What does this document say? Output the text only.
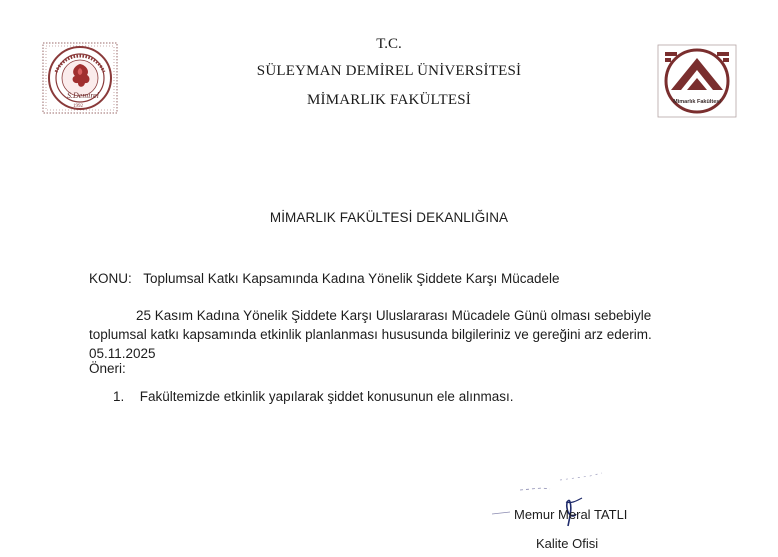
S.Demirel
1992
T.C.
SÜLEYMAN DEMİREL ÜNİVERSİTESİ
MİMARLIK FAKÜLTESİ	Mimarlık Fakültesi
MİMARLIK FAKÜLTESİ DEKANLIĞINA
KONU: Toplumsal Katkı Kapsamında Kadına Yönelik Şiddete Karşı Mücadele
25 Kasım Kadına Yönelik Şiddete Karşı Uluslararası Mücadele Günü olması sebebiyle toplumsal katkı kapsamında etkinlik planlanması hususunda bilgileriniz ve gereğini arz ederim. 05.11.2025
Öneri:
1. Fakültemizde etkinlik yapılarak şiddet konusunun ele alınması.
Memur Meral TATLI
Kalite Ofisi
